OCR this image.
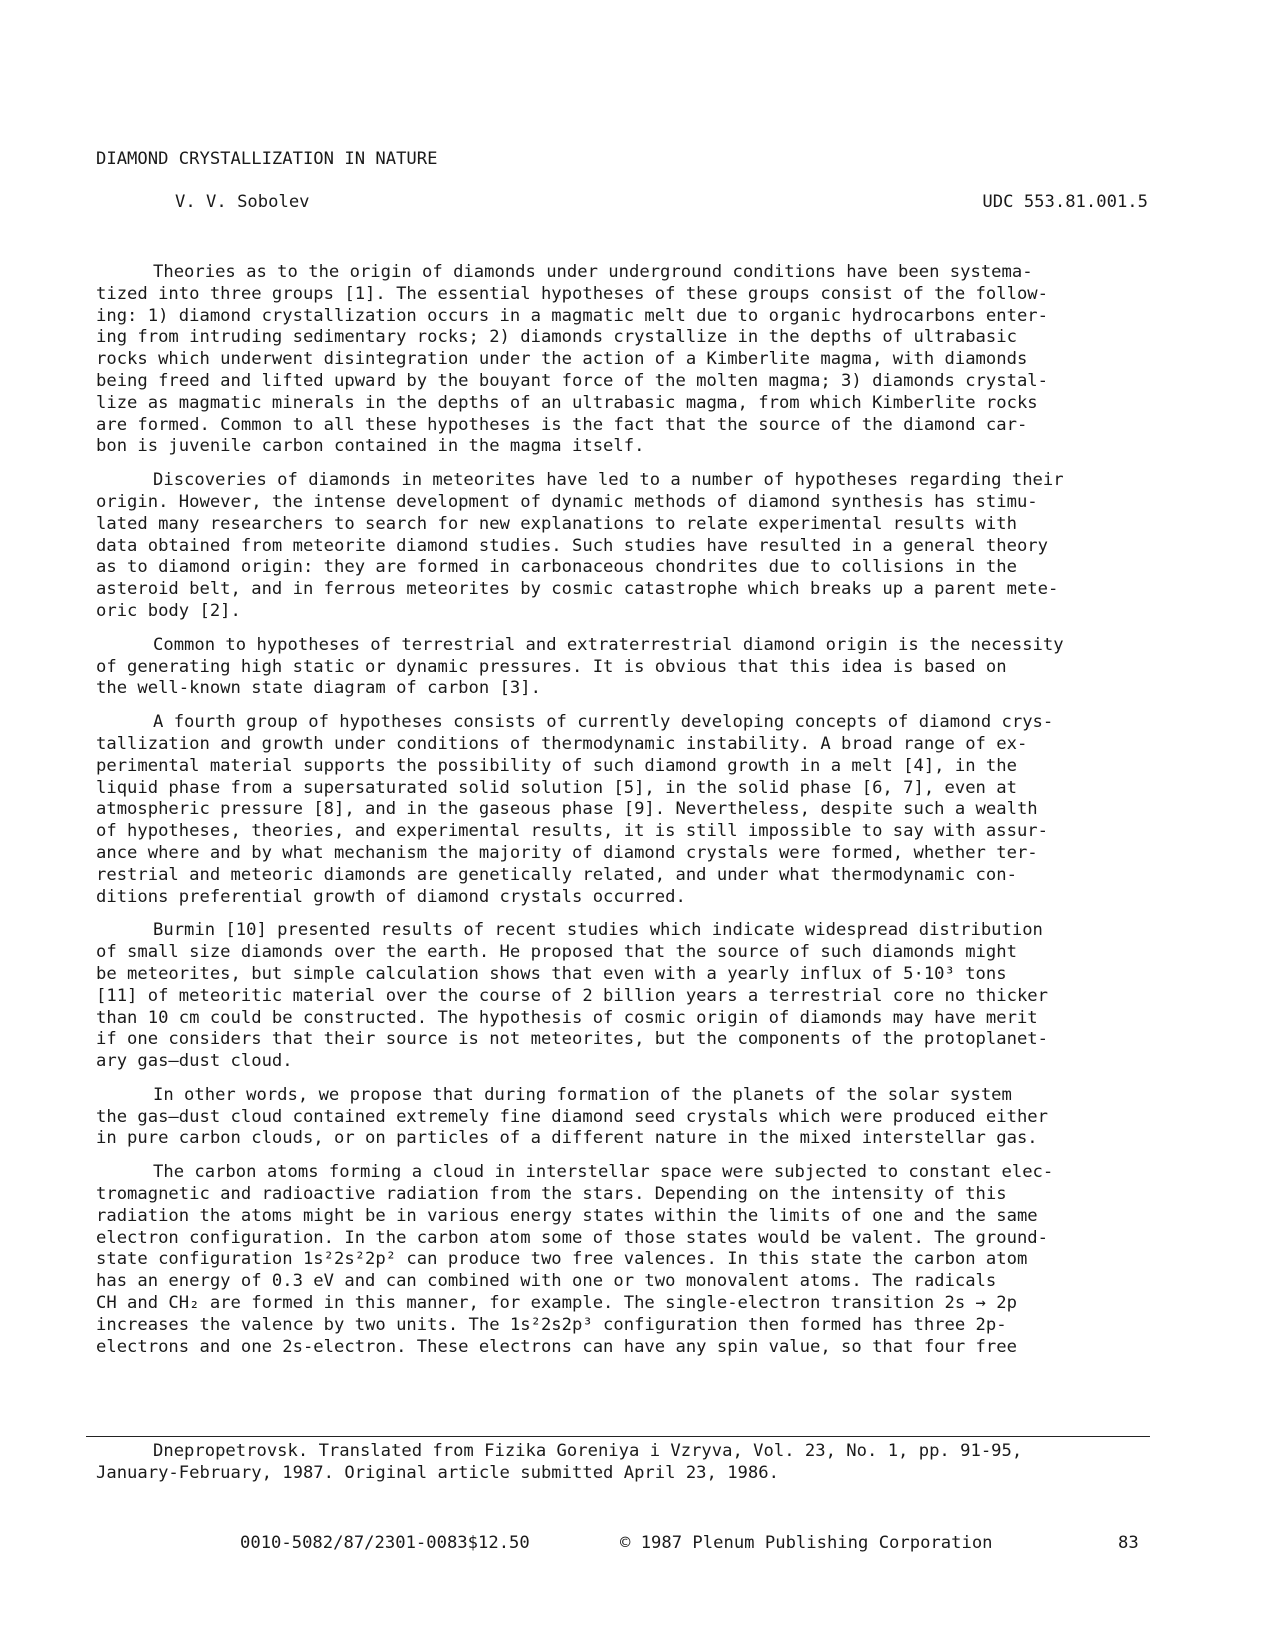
DIAMOND CRYSTALLIZATION IN NATURE
V. V. Sobolev	UDC 553.81.001.5

Theories as to the origin of diamonds under underground conditions have been systema-
tized into three groups [1]. The essential hypotheses of these groups consist of the follow-
ing: 1) diamond crystallization occurs in a magmatic melt due to organic hydrocarbons enter-
ing from intruding sedimentary rocks; 2) diamonds crystallize in the depths of ultrabasic
rocks which underwent disintegration under the action of a Kimberlite magma, with diamonds
being freed and lifted upward by the bouyant force of the molten magma; 3) diamonds crystal-
lize as magmatic minerals in the depths of an ultrabasic magma, from which Kimberlite rocks
are formed. Common to all these hypotheses is the fact that the source of the diamond car-
bon is juvenile carbon contained in the magma itself.

Discoveries of diamonds in meteorites have led to a number of hypotheses regarding their
origin. However, the intense development of dynamic methods of diamond synthesis has stimu-
lated many researchers to search for new explanations to relate experimental results with
data obtained from meteorite diamond studies. Such studies have resulted in a general theory
as to diamond origin: they are formed in carbonaceous chondrites due to collisions in the
asteroid belt, and in ferrous meteorites by cosmic catastrophe which breaks up a parent mete-
oric body [2].

Common to hypotheses of terrestrial and extraterrestrial diamond origin is the necessity
of generating high static or dynamic pressures. It is obvious that this idea is based on
the well-known state diagram of carbon [3].

A fourth group of hypotheses consists of currently developing concepts of diamond crys-
tallization and growth under conditions of thermodynamic instability. A broad range of ex-
perimental material supports the possibility of such diamond growth in a melt [4], in the
liquid phase from a supersaturated solid solution [5], in the solid phase [6, 7], even at
atmospheric pressure [8], and in the gaseous phase [9]. Nevertheless, despite such a wealth
of hypotheses, theories, and experimental results, it is still impossible to say with assur-
ance where and by what mechanism the majority of diamond crystals were formed, whether ter-
restrial and meteoric diamonds are genetically related, and under what thermodynamic con-
ditions preferential growth of diamond crystals occurred.

Burmin [10] presented results of recent studies which indicate widespread distribution
of small size diamonds over the earth. He proposed that the source of such diamonds might
be meteorites, but simple calculation shows that even with a yearly influx of 5·10³ tons
[11] of meteoritic material over the course of 2 billion years a terrestrial core no thicker
than 10 cm could be constructed. The hypothesis of cosmic origin of diamonds may have merit
if one considers that their source is not meteorites, but the components of the protoplanet-
ary gas—dust cloud.

In other words, we propose that during formation of the planets of the solar system
the gas—dust cloud contained extremely fine diamond seed crystals which were produced either
in pure carbon clouds, or on particles of a different nature in the mixed interstellar gas.

The carbon atoms forming a cloud in interstellar space were subjected to constant elec-
tromagnetic and radioactive radiation from the stars. Depending on the intensity of this
radiation the atoms might be in various energy states within the limits of one and the same
electron configuration. In the carbon atom some of those states would be valent. The ground-
state configuration 1s²2s²2p² can produce two free valences. In this state the carbon atom
has an energy of 0.3 eV and can combined with one or two monovalent atoms. The radicals
CH and CH₂ are formed in this manner, for example. The single-electron transition 2s → 2p
increases the valence by two units. The 1s²2s2p³ configuration then formed has three 2p-
electrons and one 2s-electron. These electrons can have any spin value, so that four free

Dnepropetrovsk. Translated from Fizika Goreniya i Vzryva, Vol. 23, No. 1, pp. 91-95,
January-February, 1987. Original article submitted April 23, 1986.

0010-5082/87/2301-0083$12.50	© 1987 Plenum Publishing Corporation	83
